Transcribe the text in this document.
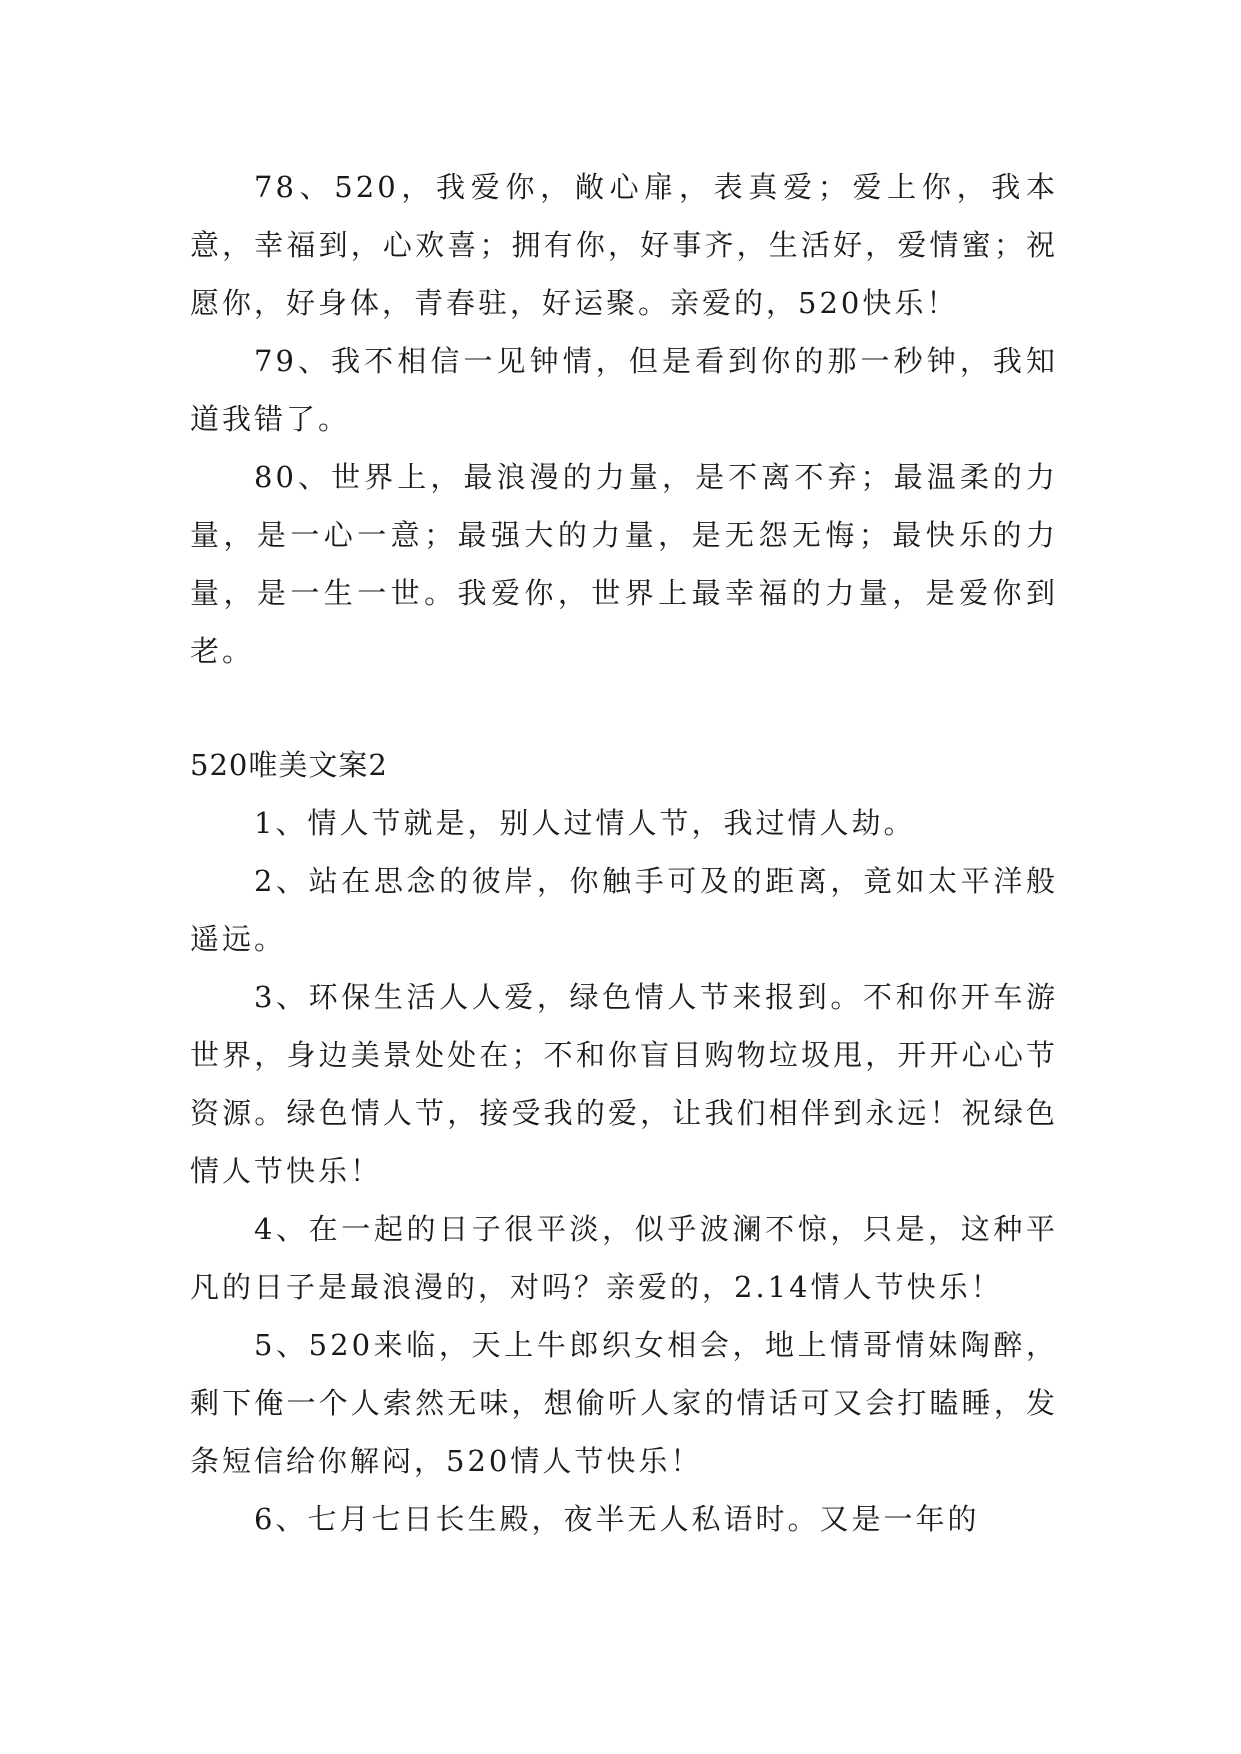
78、520，我爱你，敞心扉，表真爱；爱上你，我本意，幸福到，心欢喜；拥有你，好事齐，生活好，爱情蜜；祝愿你，好身体，青春驻，好运聚。亲爱的，520快乐！

79、我不相信一见钟情，但是看到你的那一秒钟，我知道我错了。

80、世界上，最浪漫的力量，是不离不弃；最温柔的力量，是一心一意；最强大的力量，是无怨无悔；最快乐的力量，是一生一世。我爱你，世界上最幸福的力量，是爱你到老。

520唯美文案2

1、情人节就是，别人过情人节，我过情人劫。

2、站在思念的彼岸，你触手可及的距离，竟如太平洋般遥远。

3、环保生活人人爱，绿色情人节来报到。不和你开车游世界，身边美景处处在；不和你盲目购物垃圾甩，开开心心节资源。绿色情人节，接受我的爱，让我们相伴到永远！祝绿色情人节快乐！

4、在一起的日子很平淡，似乎波澜不惊，只是，这种平凡的日子是最浪漫的，对吗？亲爱的，2.14情人节快乐！

5、520来临，天上牛郎织女相会，地上情哥情妹陶醉，剩下俺一个人索然无味，想偷听人家的情话可又会打瞌睡，发条短信给你解闷，520情人节快乐！

6、七月七日长生殿，夜半无人私语时。又是一年的
